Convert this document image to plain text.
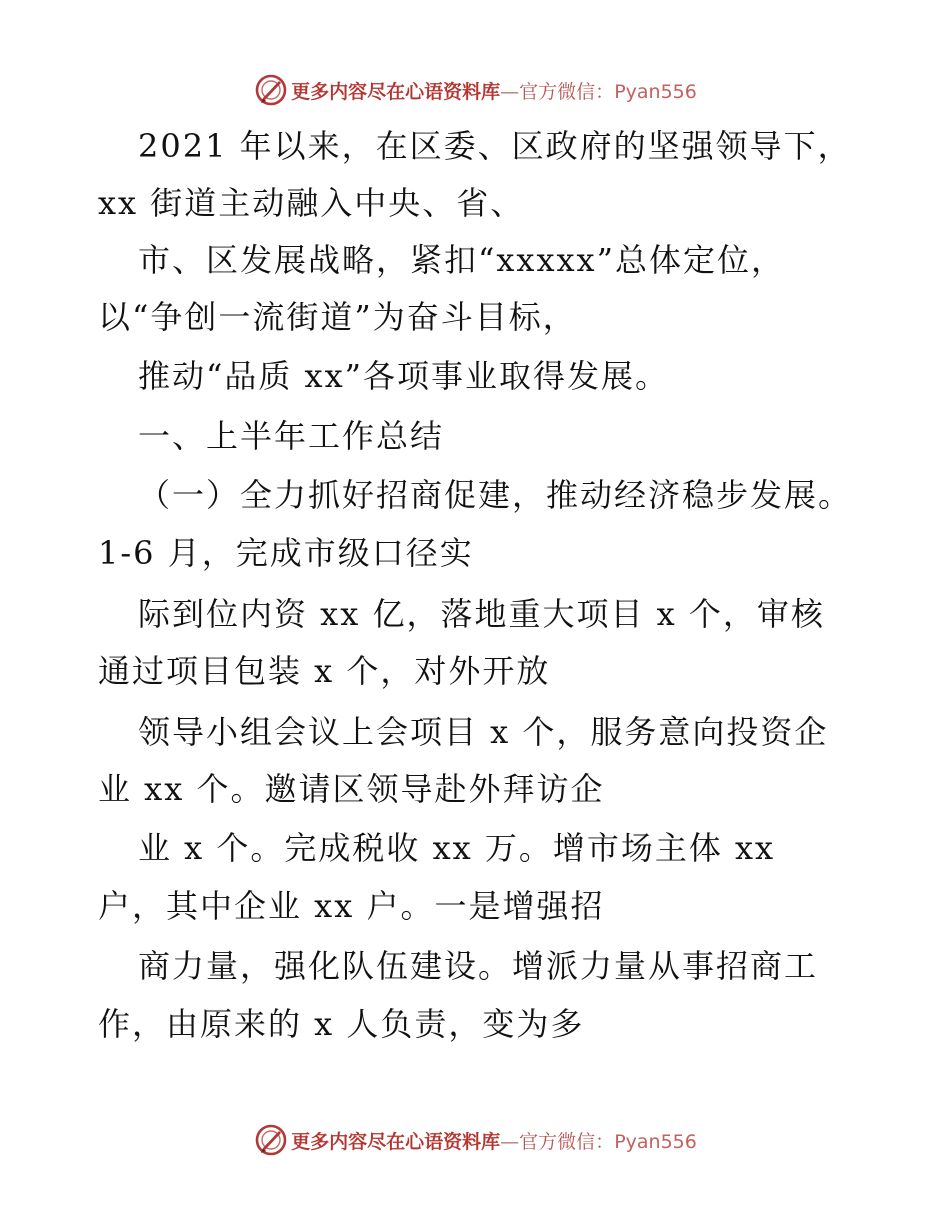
更多内容尽在心语资料库—官方微信：Pyan556
2021 年以来，在区委、区政府的坚强领导下，
xx 街道主动融入中央、省、
市、区发展战略，紧扣“xxxxx”总体定位，
以“争创一流街道”为奋斗目标，
推动“品质 xx”各项事业取得发展。
一、上半年工作总结
（一）全力抓好招商促建，推动经济稳步发展。
1-6 月，完成市级口径实
际到位内资 xx 亿，落地重大项目 x 个，审核
通过项目包装 x 个，对外开放
领导小组会议上会项目 x 个，服务意向投资企
业 xx 个。邀请区领导赴外拜访企
业 x 个。完成税收 xx 万。增市场主体 xx
户，其中企业 xx 户。一是增强招
商力量，强化队伍建设。增派力量从事招商工
作，由原来的 x 人负责，变为多
更多内容尽在心语资料库—官方微信：Pyan556
